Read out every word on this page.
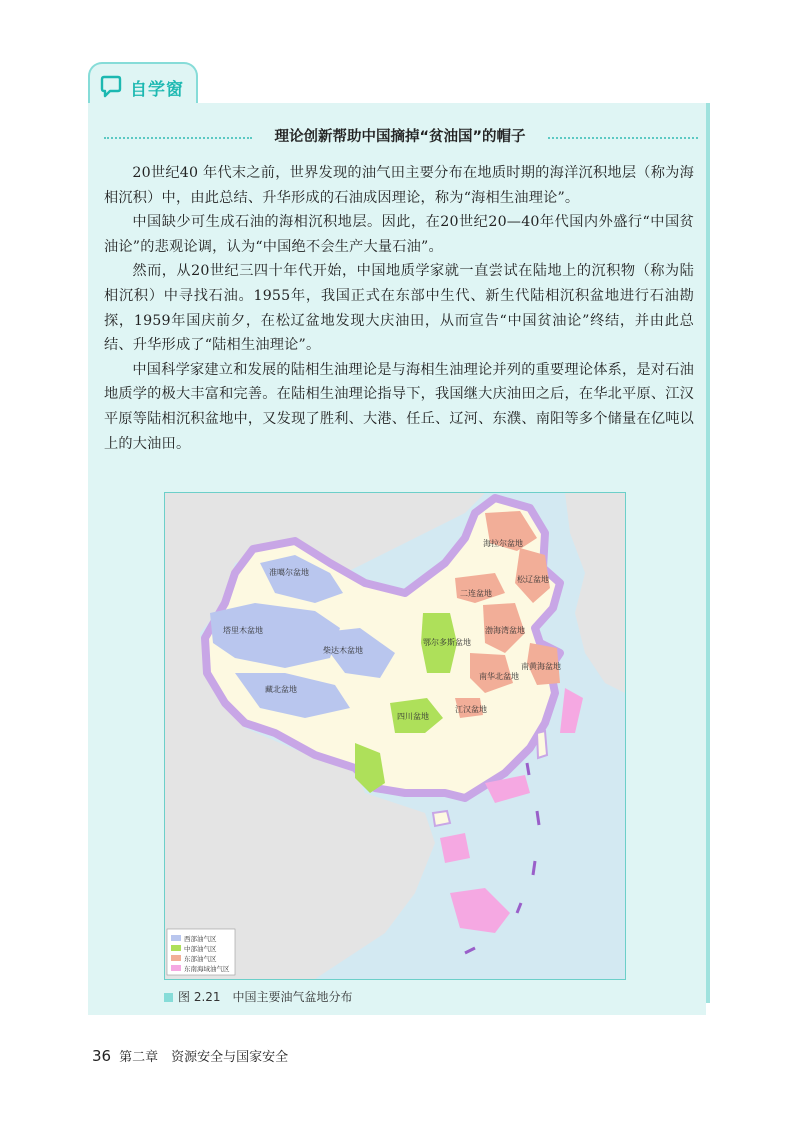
自学窗
理论创新帮助中国摘掉“贫油国”的帽子

20世纪40 年代末之前，世界发现的油气田主要分布在地质时期的海洋沉积地层（称为海相沉积）中，由此总结、升华形成的石油成因理论，称为“海相生油理论”。

中国缺少可生成石油的海相沉积地层。因此，在20世纪20—40年代国内外盛行“中国贫油论”的悲观论调，认为“中国绝不会生产大量石油”。

然而，从20世纪三四十年代开始，中国地质学家就一直尝试在陆地上的沉积物（称为陆相沉积）中寻找石油。1955年，我国正式在东部中生代、新生代陆相沉积盆地进行石油勘探，1959年国庆前夕，在松辽盆地发现大庆油田，从而宣告“中国贫油论”终结，并由此总结、升华形成了“陆相生油理论”。

中国科学家建立和发展的陆相生油理论是与海相生油理论并列的重要理论体系，是对石油地质学的极大丰富和完善。在陆相生油理论指导下，我国继大庆油田之后，在华北平原、江汉平原等陆相沉积盆地中，又发现了胜利、大港、任丘、辽河、东濮、南阳等多个储量在亿吨以上的大油田。

准噶尔盆地
塔里木盆地
柴达木盆地
藏北盆地
四川盆地
海拉尔盆地
松辽盆地
二连盆地
渤海湾盆地
南华北盆地
江汉盆地
南黄海盆地
鄂尔多斯盆地
西部油气区
中部油气区
东部油气区
东南海域油气区
图 2.21　中国主要油气盆地分布
36 第二章　资源安全与国家安全
